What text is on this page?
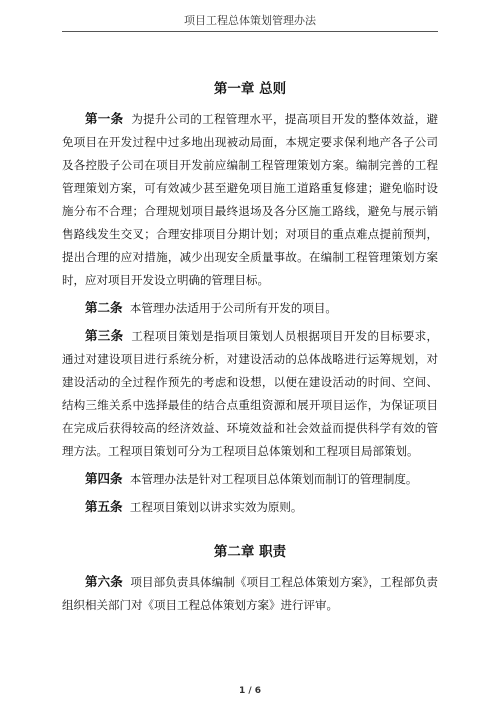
项目工程总体策划管理办法
第一章 总则

第一条 为提升公司的工程管理水平，提高项目开发的整体效益，避免项目在开发过程中过多地出现被动局面，本规定要求保利地产各子公司及各控股子公司在项目开发前应编制工程管理策划方案。编制完善的工程管理策划方案，可有效减少甚至避免项目施工道路重复修建；避免临时设施分布不合理；合理规划项目最终退场及各分区施工路线，避免与展示销售路线发生交叉；合理安排项目分期计划；对项目的重点难点提前预判，提出合理的应对措施，减少出现安全质量事故。在编制工程管理策划方案时，应对项目开发设立明确的管理目标。

第二条 本管理办法适用于公司所有开发的项目。

第三条 工程项目策划是指项目策划人员根据项目开发的目标要求，通过对建设项目进行系统分析，对建设活动的总体战略进行运筹规划，对建设活动的全过程作预先的考虑和设想，以便在建设活动的时间、空间、结构三维关系中选择最佳的结合点重组资源和展开项目运作，为保证项目在完成后获得较高的经济效益、环境效益和社会效益而提供科学有效的管理方法。工程项目策划可分为工程项目总体策划和工程项目局部策划。

第四条 本管理办法是针对工程项目总体策划而制订的管理制度。

第五条 工程项目策划以讲求实效为原则。

第二章 职责

第六条 项目部负责具体编制《项目工程总体策划方案》，工程部负责组织相关部门对《项目工程总体策划方案》进行评审。

1 / 6
